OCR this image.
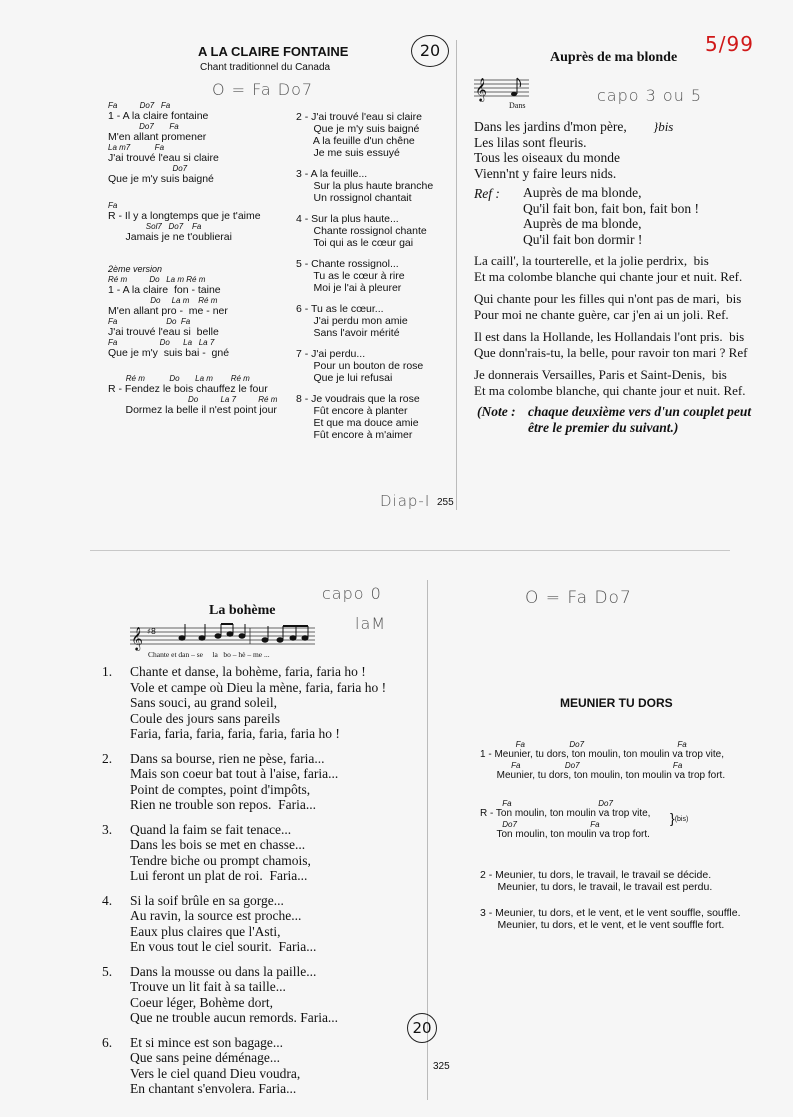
A LA CLAIRE FONTAINE
Chant traditionnel du Canada
O = Fa Do7
20
Fa          Do7   Fa
1 - A la claire fontaine
Do7       Fa
M'en allant promener
La m7           Fa
J'ai trouvé l'eau si claire
Do7
Que je m'y suis baigné
Fa
R - Il y a longtemps que je t'aime
Sol7   Do7    Fa
Jamais je ne t'oublierai
2ème version
Ré m          Do   La m Ré m
1 - A la claire  fon - taine
Do     La m    Ré m
M'en allant pro -  me - ner
Fa                      Do  Fa
J'ai trouvé l'eau si  belle
Fa                   Do      La   La 7
Que je m'y  suis bai -  gné
Ré m           Do       La m        Ré m
R - Fendez le bois chauffez le four
Do          La 7          Ré m
Dormez la belle il n'est point jour
2 - J'ai trouvé l'eau si claire
Que je m'y suis baigné
A la feuille d'un chêne
Je me suis essuyé
3 - A la feuille...
Sur la plus haute branche
Un rossignol chantait
4 - Sur la plus haute...
Chante rossignol chante
Toi qui as le cœur gai
5 - Chante rossignol...
Tu as le cœur à rire
Moi je l'ai à pleurer
6 - Tu as le cœur...
J'ai perdu mon amie
Sans l'avoir mérité
7 - J'ai perdu...
Pour un bouton de rose
Que je lui refusai
8 - Je voudrais que la rose
Fût encore à planter
Et que ma douce amie
Fût encore à m'aimer
Diap-I 255
Auprès de ma blonde
5/99
capo 3 ou 5
𝄞
Dans
Dans les jardins d'mon père,
Les lilas sont fleuris.
Tous les oiseaux du monde
Vienn'nt y faire leurs nids.
}bis
Ref : Auprès de ma blonde,
Qu'il fait bon, fait bon, fait bon !
Auprès de ma blonde,
Qu'il fait bon dormir !
La caill', la tourterelle, et la jolie perdrix,  bis
Et ma colombe blanche qui chante jour et nuit. Ref.
Qui chante pour les filles qui n'ont pas de mari,  bis
Pour moi ne chante guère, car j'en ai un joli. Ref.
Il est dans la Hollande, les Hollandais l'ont pris.  bis
Que donn'rais-tu, la belle, pour ravoir ton mari ? Ref
Je donnerais Versailles, Paris et Saint-Denis,  bis
Et ma colombe blanche, qui chante jour et nuit. Ref.
(Note : chaque deuxième vers d'un couplet peut
être le premier du suivant.)
La bohème
capo 0
laM
𝄞 ♯8
Chante et dan – se     la   bo – hè – me ...
1. Chante et danse, la bohème, faria, faria ho !
Vole et campe où Dieu la mène, faria, faria ho !
Sans souci, au grand soleil,
Coule des jours sans pareils
Faria, faria, faria, faria, faria, faria ho !
2. Dans sa bourse, rien ne pèse, faria...
Mais son coeur bat tout à l'aise, faria...
Point de comptes, point d'impôts,
Rien ne trouble son repos.  Faria...
3. Quand la faim se fait tenace...
Dans les bois se met en chasse...
Tendre biche ou prompt chamois,
Lui feront un plat de roi.  Faria...
4. Si la soif brûle en sa gorge...
Au ravin, la source est proche...
Eaux plus claires que l'Asti,
En vous tout le ciel sourit.  Faria...
5. Dans la mousse ou dans la paille...
Trouve un lit fait à sa taille...
Coeur léger, Bohème dort,
Que ne trouble aucun remords. Faria...
6. Et si mince est son bagage...
Que sans peine déménage...
Vers le ciel quand Dieu voudra,
En chantant s'envolera. Faria...
20
325
O = Fa Do7
MEUNIER TU DORS
Fa                    Do7                                          Fa
1 - Meunier, tu dors, ton moulin, ton moulin va trop vite,
Fa                    Do7                                          Fa
Meunier, tu dors, ton moulin, ton moulin va trop fort.
Fa                                       Do7
R - Ton moulin, ton moulin va trop vite,
Do7                                 Fa
Ton moulin, ton moulin va trop fort.
}(bis)
2 - Meunier, tu dors, le travail, le travail se décide.
Meunier, tu dors, le travail, le travail est perdu.
3 - Meunier, tu dors, et le vent, et le vent souffle, souffle.
Meunier, tu dors, et le vent, et le vent souffle fort.
